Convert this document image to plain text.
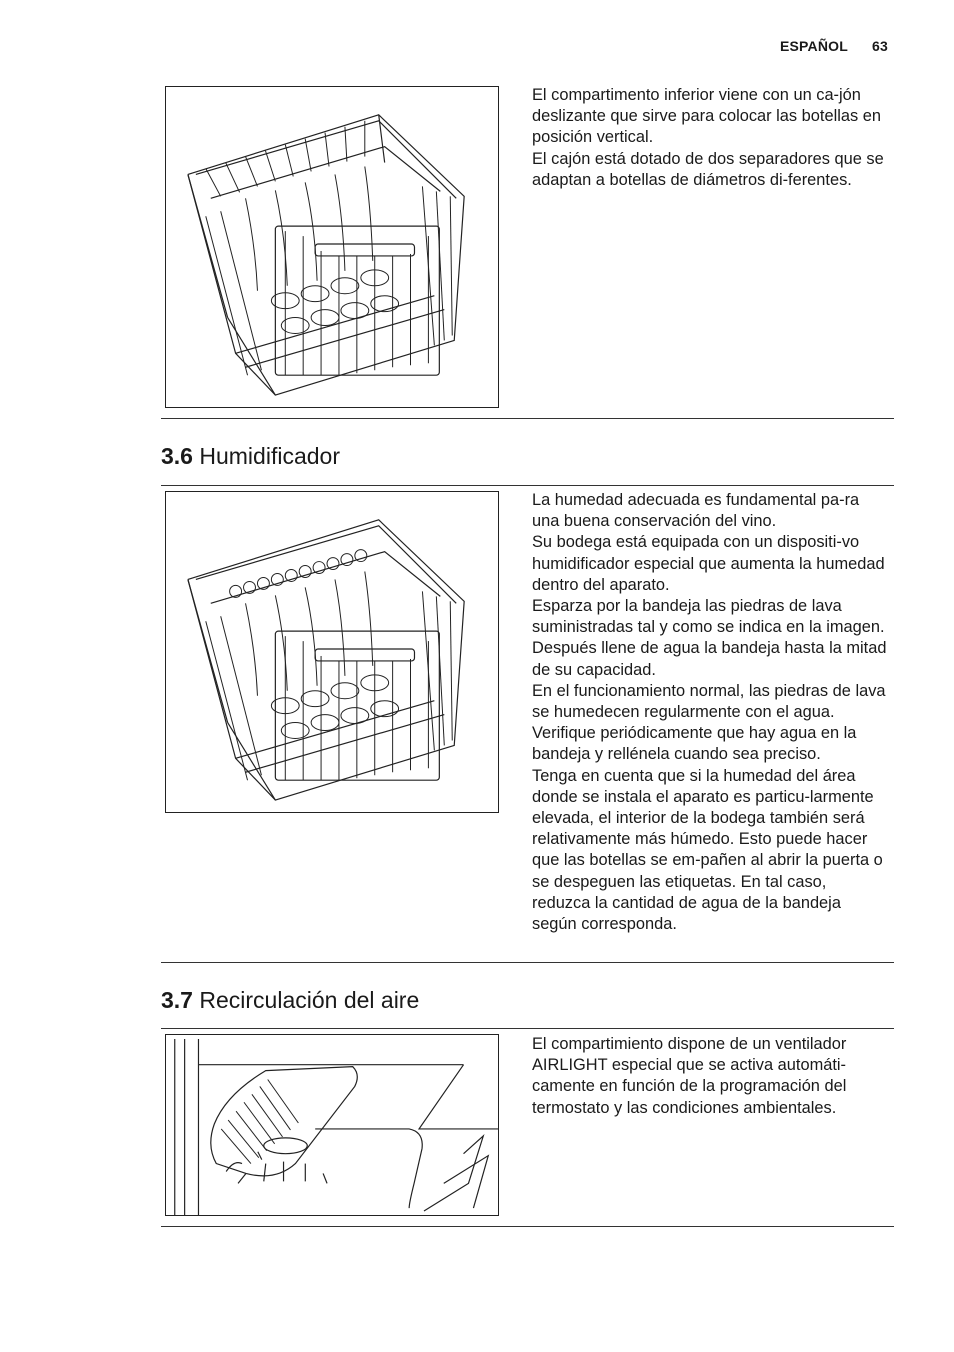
ESPAÑOL 63

El compartimento inferior viene con un ca-jón deslizante que sirve para colocar las botellas en posición vertical.

El cajón está dotado de dos separadores que se adaptan a botellas de diámetros di-ferentes.

3.6 Humidificador

La humedad adecuada es fundamental pa-ra una buena conservación del vino.

Su bodega está equipada con un dispositi-vo humidificador especial que aumenta la humedad dentro del aparato.

Esparza por la bandeja las piedras de lava suministradas tal y como se indica en la imagen. Después llene de agua la bandeja hasta la mitad de su capacidad.

En el funcionamiento normal, las piedras de lava se humedecen regularmente con el agua. Verifique periódicamente que hay agua en la bandeja y rellénela cuando sea preciso.

Tenga en cuenta que si la humedad del área donde se instala el aparato es particu-larmente elevada, el interior de la bodega también será relativamente más húmedo. Esto puede hacer que las botellas se em-pañen al abrir la puerta o se despeguen las etiquetas. En tal caso, reduzca la cantidad de agua de la bandeja según corresponda.

3.7 Recirculación del aire

El compartimiento dispone de un ventilador AIRLIGHT especial que se activa automáti-camente en función de la programación del termostato y las condiciones ambientales.
